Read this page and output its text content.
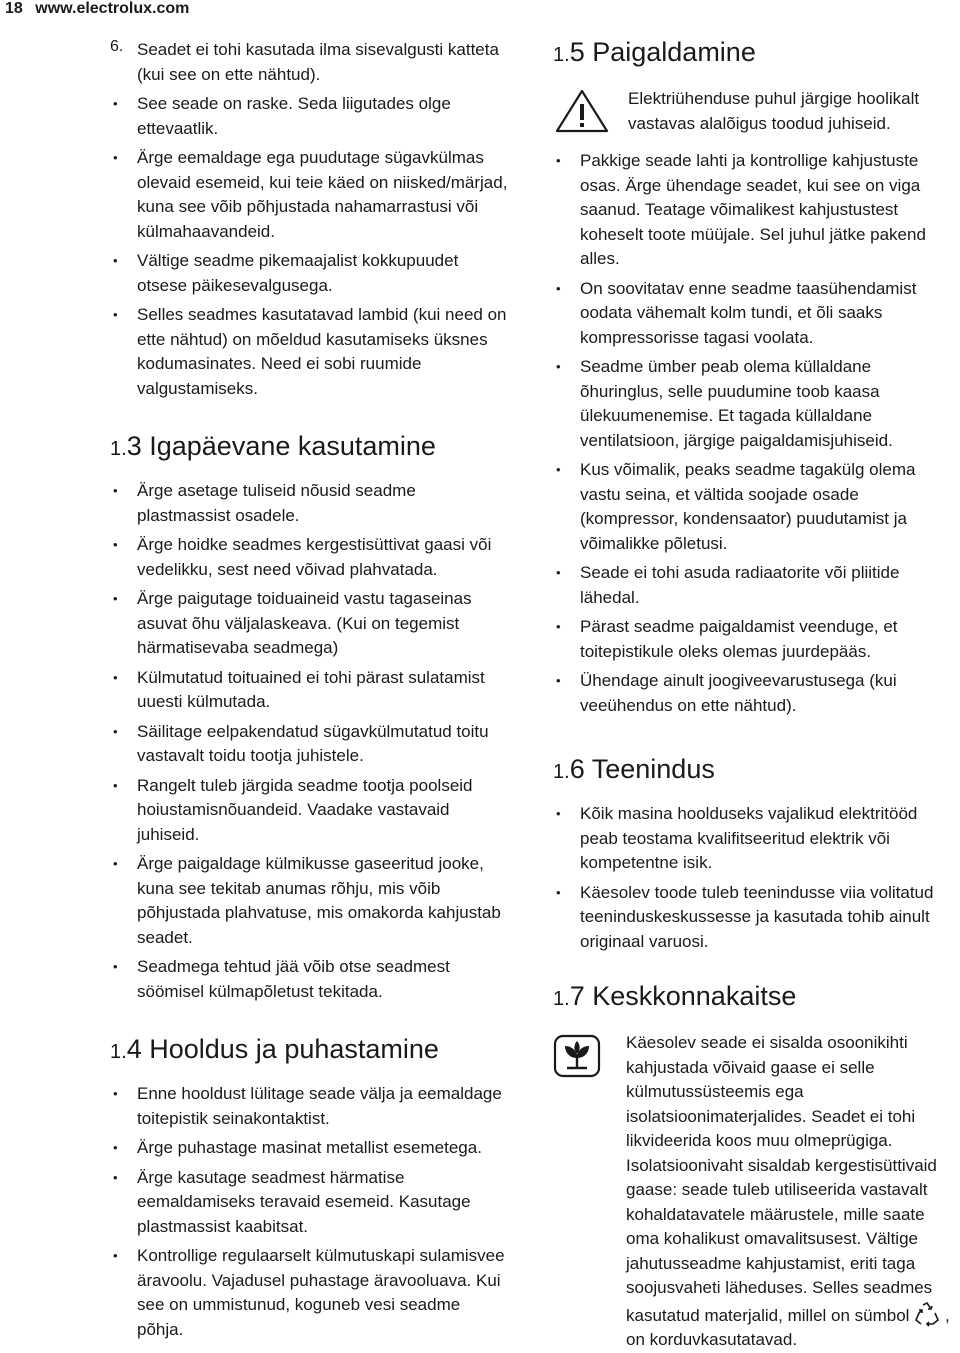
18 www.electrolux.com
6. Seadet ei tohi kasutada ilma sisevalgusti katteta (kui see on ette nähtud).

• See seade on raske. Seda liigutades olge ettevaatlik.
• Ärge eemaldage ega puudutage sügavkülmas olevaid esemeid, kui teie käed on niisked/märjad, kuna see võib põhjustada nahamarrastusi või külmahaavandeid.
• Vältige seadme pikemaajalist kokkupuudet otsese päikesevalgusega.
• Selles seadmes kasutatavad lambid (kui need on ette nähtud) on mõeldud kasutamiseks üksnes kodumasinates. Need ei sobi ruumide valgustamiseks.
1.3 Igapäevane kasutamine
• Ärge asetage tuliseid nõusid seadme plastmassist osadele.
• Ärge hoidke seadmes kergestisüttivat gaasi või vedelikku, sest need võivad plahvatada.
• Ärge paigutage toiduaineid vastu tagaseinas asuvat õhu väljalaskeava. (Kui on tegemist härmatisevaba seadmega)
• Külmutatud toituained ei tohi pärast sulatamist uuesti külmutada.
• Säilitage eelpakendatud sügavkülmutatud toitu vastavalt toidu tootja juhistele.
• Rangelt tuleb järgida seadme tootja poolseid hoiustamisnõuandeid. Vaadake vastavaid juhiseid.
• Ärge paigaldage külmikusse gaseeritud jooke, kuna see tekitab anumas rõhju, mis võib põhjustada plahvatuse, mis omakorda kahjustab seadet.
• Seadmega tehtud jää võib otse seadmest söömisel külmapõletust tekitada.
1.4 Hooldus ja puhastamine
• Enne hooldust lülitage seade välja ja eemaldage toitepistik seinakontaktist.
• Ärge puhastage masinat metallist esemetega.
• Ärge kasutage seadmest härmatise eemaldamiseks teravaid esemeid. Kasutage plastmassist kaabitsat.
• Kontrollige regulaarselt külmutuskapi sulamisvee äravoolu. Vajadusel puhastage äravooluava. Kui see on ummistunud, koguneb vesi seadme põhja.
1.5 Paigaldamine

Elektriühenduse puhul järgige hoolikalt vastavas alalõigus toodud juhiseid.

• Pakkige seade lahti ja kontrollige kahjustuste osas. Ärge ühendage seadet, kui see on viga saanud. Teatage võimalikest kahjustustest koheselt toote müüjale. Sel juhul jätke pakend alles.
• On soovitatav enne seadme taasühendamist oodata vähemalt kolm tundi, et õli saaks kompressorisse tagasi voolata.
• Seadme ümber peab olema küllaldane õhuringlus, selle puudumine toob kaasa ülekuumenemise. Et tagada küllaldane ventilatsioon, järgige paigaldamisjuhiseid.
• Kus võimalik, peaks seadme tagakülg olema vastu seina, et vältida soojade osade (kompressor, kondensaator) puudutamist ja võimalikke põletusi.
• Seade ei tohi asuda radiaatorite või pliitide lähedal.
• Pärast seadme paigaldamist veenduge, et toitepistikule oleks olemas juurdepääs.
• Ühendage ainult joogiveevarustusega (kui veeühendus on ette nähtud).
1.6 Teenindus
• Kõik masina hoolduseks vajalikud elektritööd peab teostama kvalifitseeritud elektrik või kompetentne isik.
• Käesolev toode tuleb teenindusse viia volitatud teeninduskeskussesse ja kasutada tohib ainult originaal varuosi.
1.7 Keskkonnakaitse

Käesolev seade ei sisalda osoonikihti kahjustada võivaid gaase ei selle külmutussüsteemis ega isolatsioonimaterjalides. Seadet ei tohi likvideerida koos muu olmeprügiga. Isolatsioonivaht sisaldab kergestisüttivaid gaase: seade tuleb utiliseerida vastavalt kohaldatavatele määrustele, mille saate oma kohalikust omavalitsusest. Vältige jahutusseadme kahjustamist, eriti taga soojusvaheti läheduses. Selles seadmes kasutatud materjalid, millel on sümbol , on korduvkasutatavad.
